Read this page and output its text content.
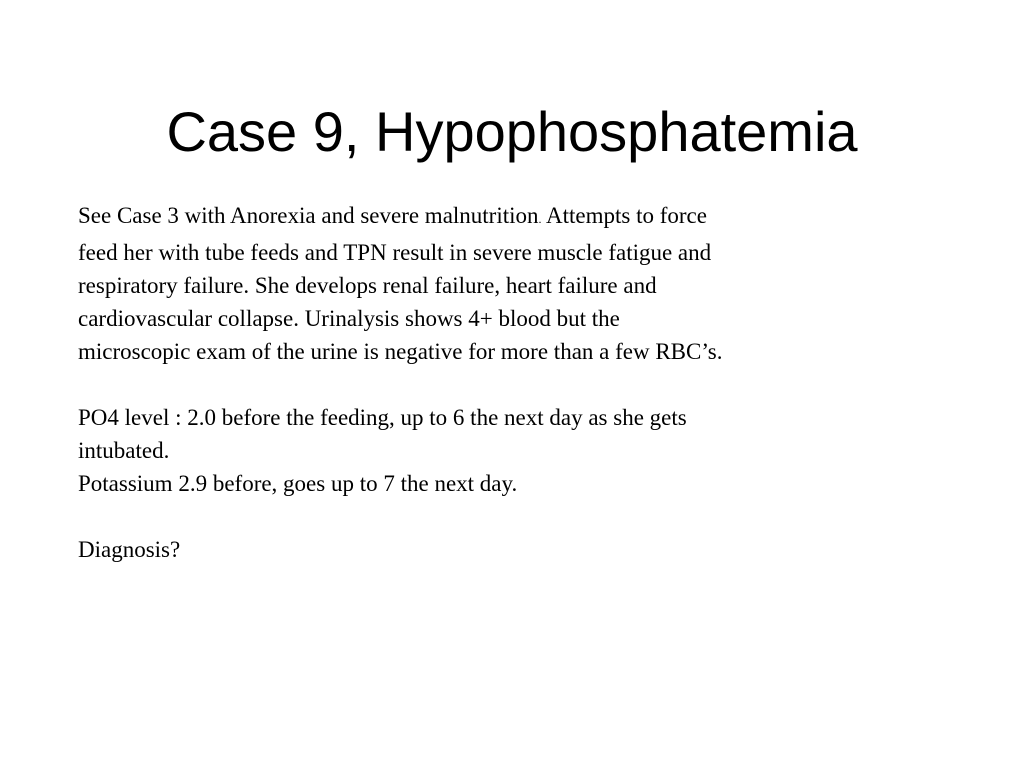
Case 9, Hypophosphatemia

See Case 3 with Anorexia and severe malnutrition. Attempts to force
feed her with tube feeds and TPN result in severe muscle fatigue and
respiratory failure. She develops renal failure, heart failure and
cardiovascular collapse. Urinalysis shows 4+ blood but the
microscopic exam of the urine is negative for more than a few RBC’s.

PO4 level : 2.0 before the feeding, up to 6 the next day as she gets
intubated.
Potassium 2.9 before, goes up to 7 the next day.

Diagnosis?
